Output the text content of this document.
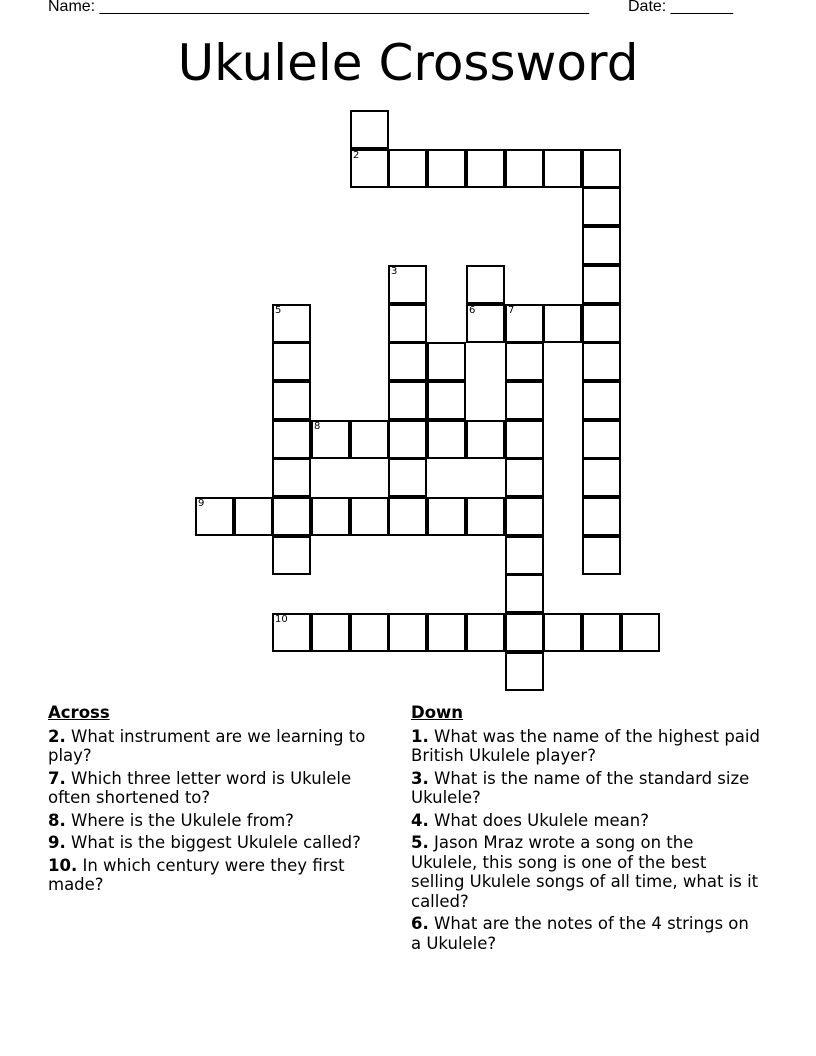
Name: _______________________________________________________ Date: _______
Ukulele Crossword
2
3
5	6	7
8
9
10
Across
2. What instrument are we learning to play?
7. Which three letter word is Ukulele often shortened to?
8. Where is the Ukulele from?
9. What is the biggest Ukulele called?
10. In which century were they first made?
Down
1. What was the name of the highest paid British Ukulele player?
3. What is the name of the standard size Ukulele?
4. What does Ukulele mean?
5. Jason Mraz wrote a song on the Ukulele, this song is one of the best selling Ukulele songs of all time, what is it called?
6. What are the notes of the 4 strings on a Ukulele?
